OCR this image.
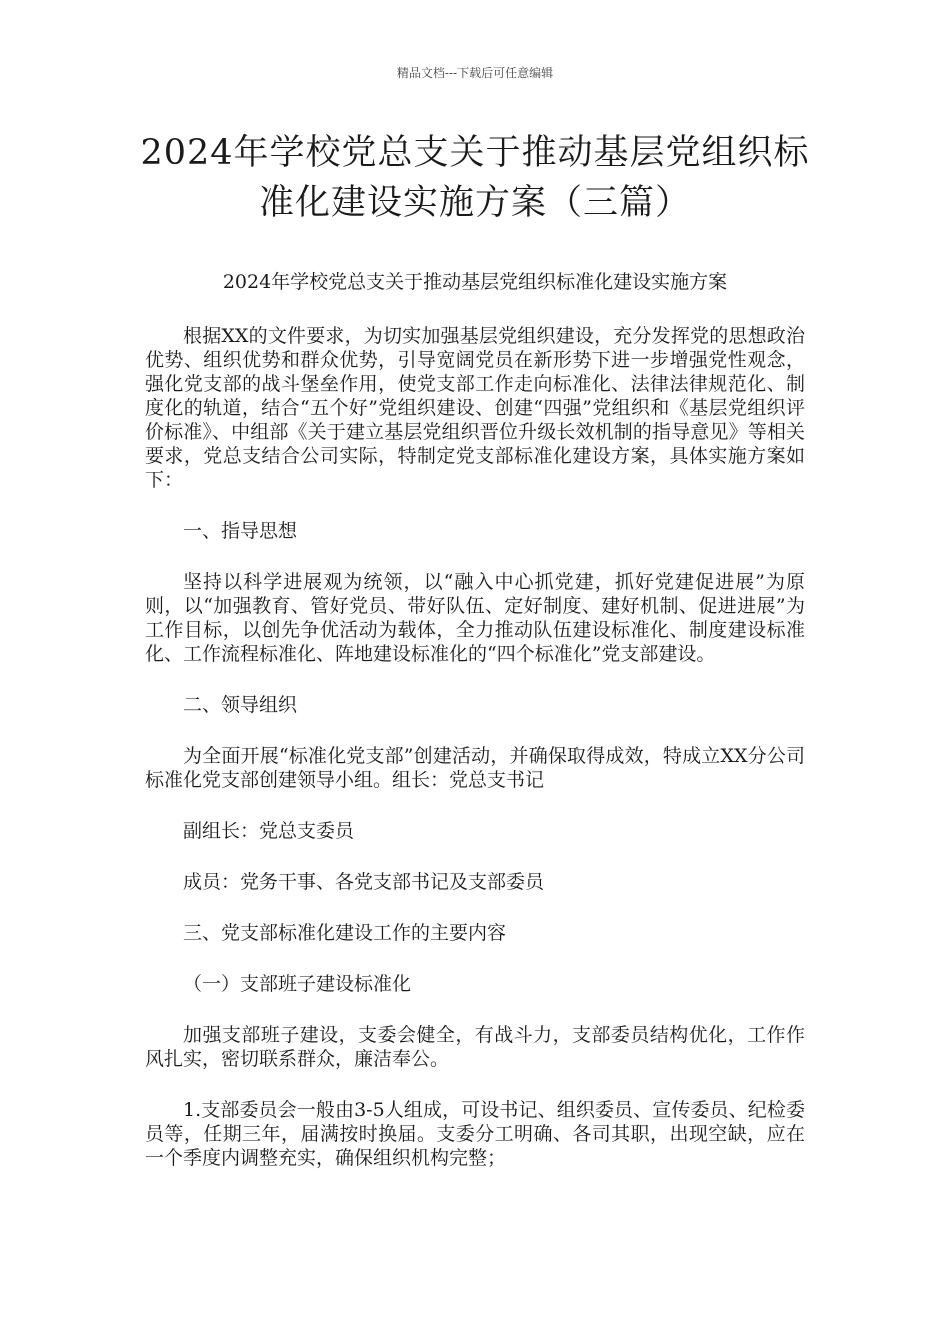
精品文档---下载后可任意编辑
2024年学校党总支关于推动基层党组织标准化建设实施方案（三篇）

2024年学校党总支关于推动基层党组织标准化建设实施方案

根据XX的文件要求，为切实加强基层党组织建设，充分发挥党的思想政治优势、组织优势和群众优势，引导宽阔党员在新形势下进一步增强党性观念，强化党支部的战斗堡垒作用，使党支部工作走向标准化、法律法律规范化、制度化的轨道，结合“五个好”党组织建设、创建“四强”党组织和《基层党组织评价标准》、中组部《关于建立基层党组织晋位升级长效机制的指导意见》等相关要求，党总支结合公司实际，特制定党支部标准化建设方案，具体实施方案如下：

一、指导思想

坚持以科学进展观为统领，以“融入中心抓党建，抓好党建促进展”为原则，以“加强教育、管好党员、带好队伍、定好制度、建好机制、促进进展”为工作目标，以创先争优活动为载体，全力推动队伍建设标准化、制度建设标准化、工作流程标准化、阵地建设标准化的“四个标准化”党支部建设。

二、领导组织

为全面开展“标准化党支部”创建活动，并确保取得成效，特成立XX分公司标准化党支部创建领导小组。组长：党总支书记

副组长：党总支委员

成员：党务干事、各党支部书记及支部委员

三、党支部标准化建设工作的主要内容

（一）支部班子建设标准化

加强支部班子建设，支委会健全，有战斗力，支部委员结构优化，工作作风扎实，密切联系群众，廉洁奉公。

1.支部委员会一般由3-5人组成，可设书记、组织委员、宣传委员、纪检委员等，任期三年，届满按时换届。支委分工明确、各司其职，出现空缺，应在一个季度内调整充实，确保组织机构完整；
